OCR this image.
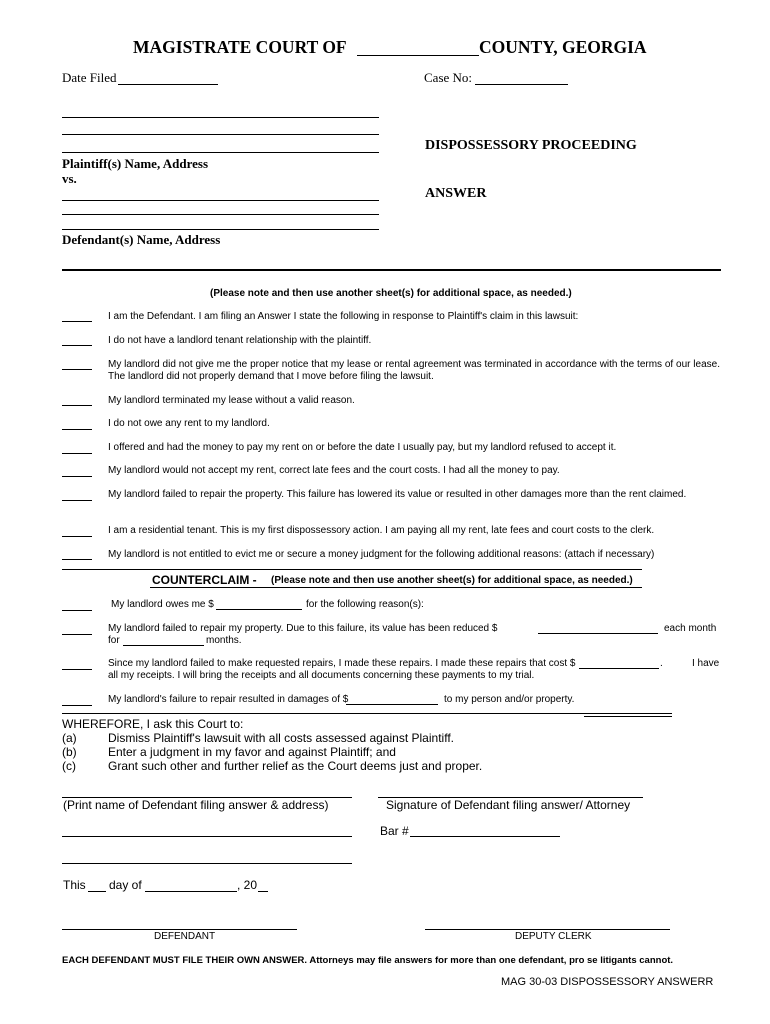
MAGISTRATE COURT OF	COUNTY, GEORGIA
Date Filed	Case No:
Plaintiff(s) Name, Address
vs.
DISPOSSESSORY PROCEEDING
ANSWER
Defendant(s) Name, Address
(Please note and then use another sheet(s) for additional space, as needed.)
I am the Defendant. I am filing an Answer I state the following in response to Plaintiff's claim in this lawsuit:
I do not have a landlord tenant relationship with the plaintiff.
My landlord did not give me the proper notice that my lease or rental agreement was terminated in accordance with the terms of our lease. The landlord did not properly demand that I move before filing the lawsuit.
My landlord terminated my lease without a valid reason.
I do not owe any rent to my landlord.
I offered and had the money to pay my rent on or before the date I usually pay, but my landlord refused to accept it.
My landlord would not accept my rent, correct late fees and the court costs. I had all the money to pay.
My landlord failed to repair the property. This failure has lowered its value or resulted in other damages more than the rent claimed.
I am a residential tenant. This is my first dispossessory action. I am paying all my rent, late fees and court costs to the clerk.
My landlord is not entitled to evict me or secure a money judgment for the following additional reasons: (attach if necessary)
COUNTERCLAIM - (Please note and then use another sheet(s) for additional space, as needed.)
My landlord owes me $	for the following reason(s):
My landlord failed to repair my property. Due to this failure, its value has been reduced $	each month
for	months.
Since my landlord failed to make requested repairs, I made these repairs. I made these repairs that cost $	.	I have
all my receipts. I will bring the receipts and all documents concerning these payments to my trial.
My landlord's failure to repair resulted in damages of $	to my person and/or property.
WHEREFORE, I ask this Court to:
(a)	Dismiss Plaintiff's lawsuit with all costs assessed against Plaintiff.
(b)	Enter a judgment in my favor and against Plaintiff; and
(c)	Grant such other and further relief as the Court deems just and proper.
(Print name of Defendant filing answer & address)	Signature of Defendant filing answer/ Attorney
Bar #
This day of	, 20
DEFENDANT	DEPUTY CLERK
EACH DEFENDANT MUST FILE THEIR OWN ANSWER. Attorneys may file answers for more than one defendant, pro se litigants cannot.
MAG 30-03 DISPOSSESSORY ANSWERR
